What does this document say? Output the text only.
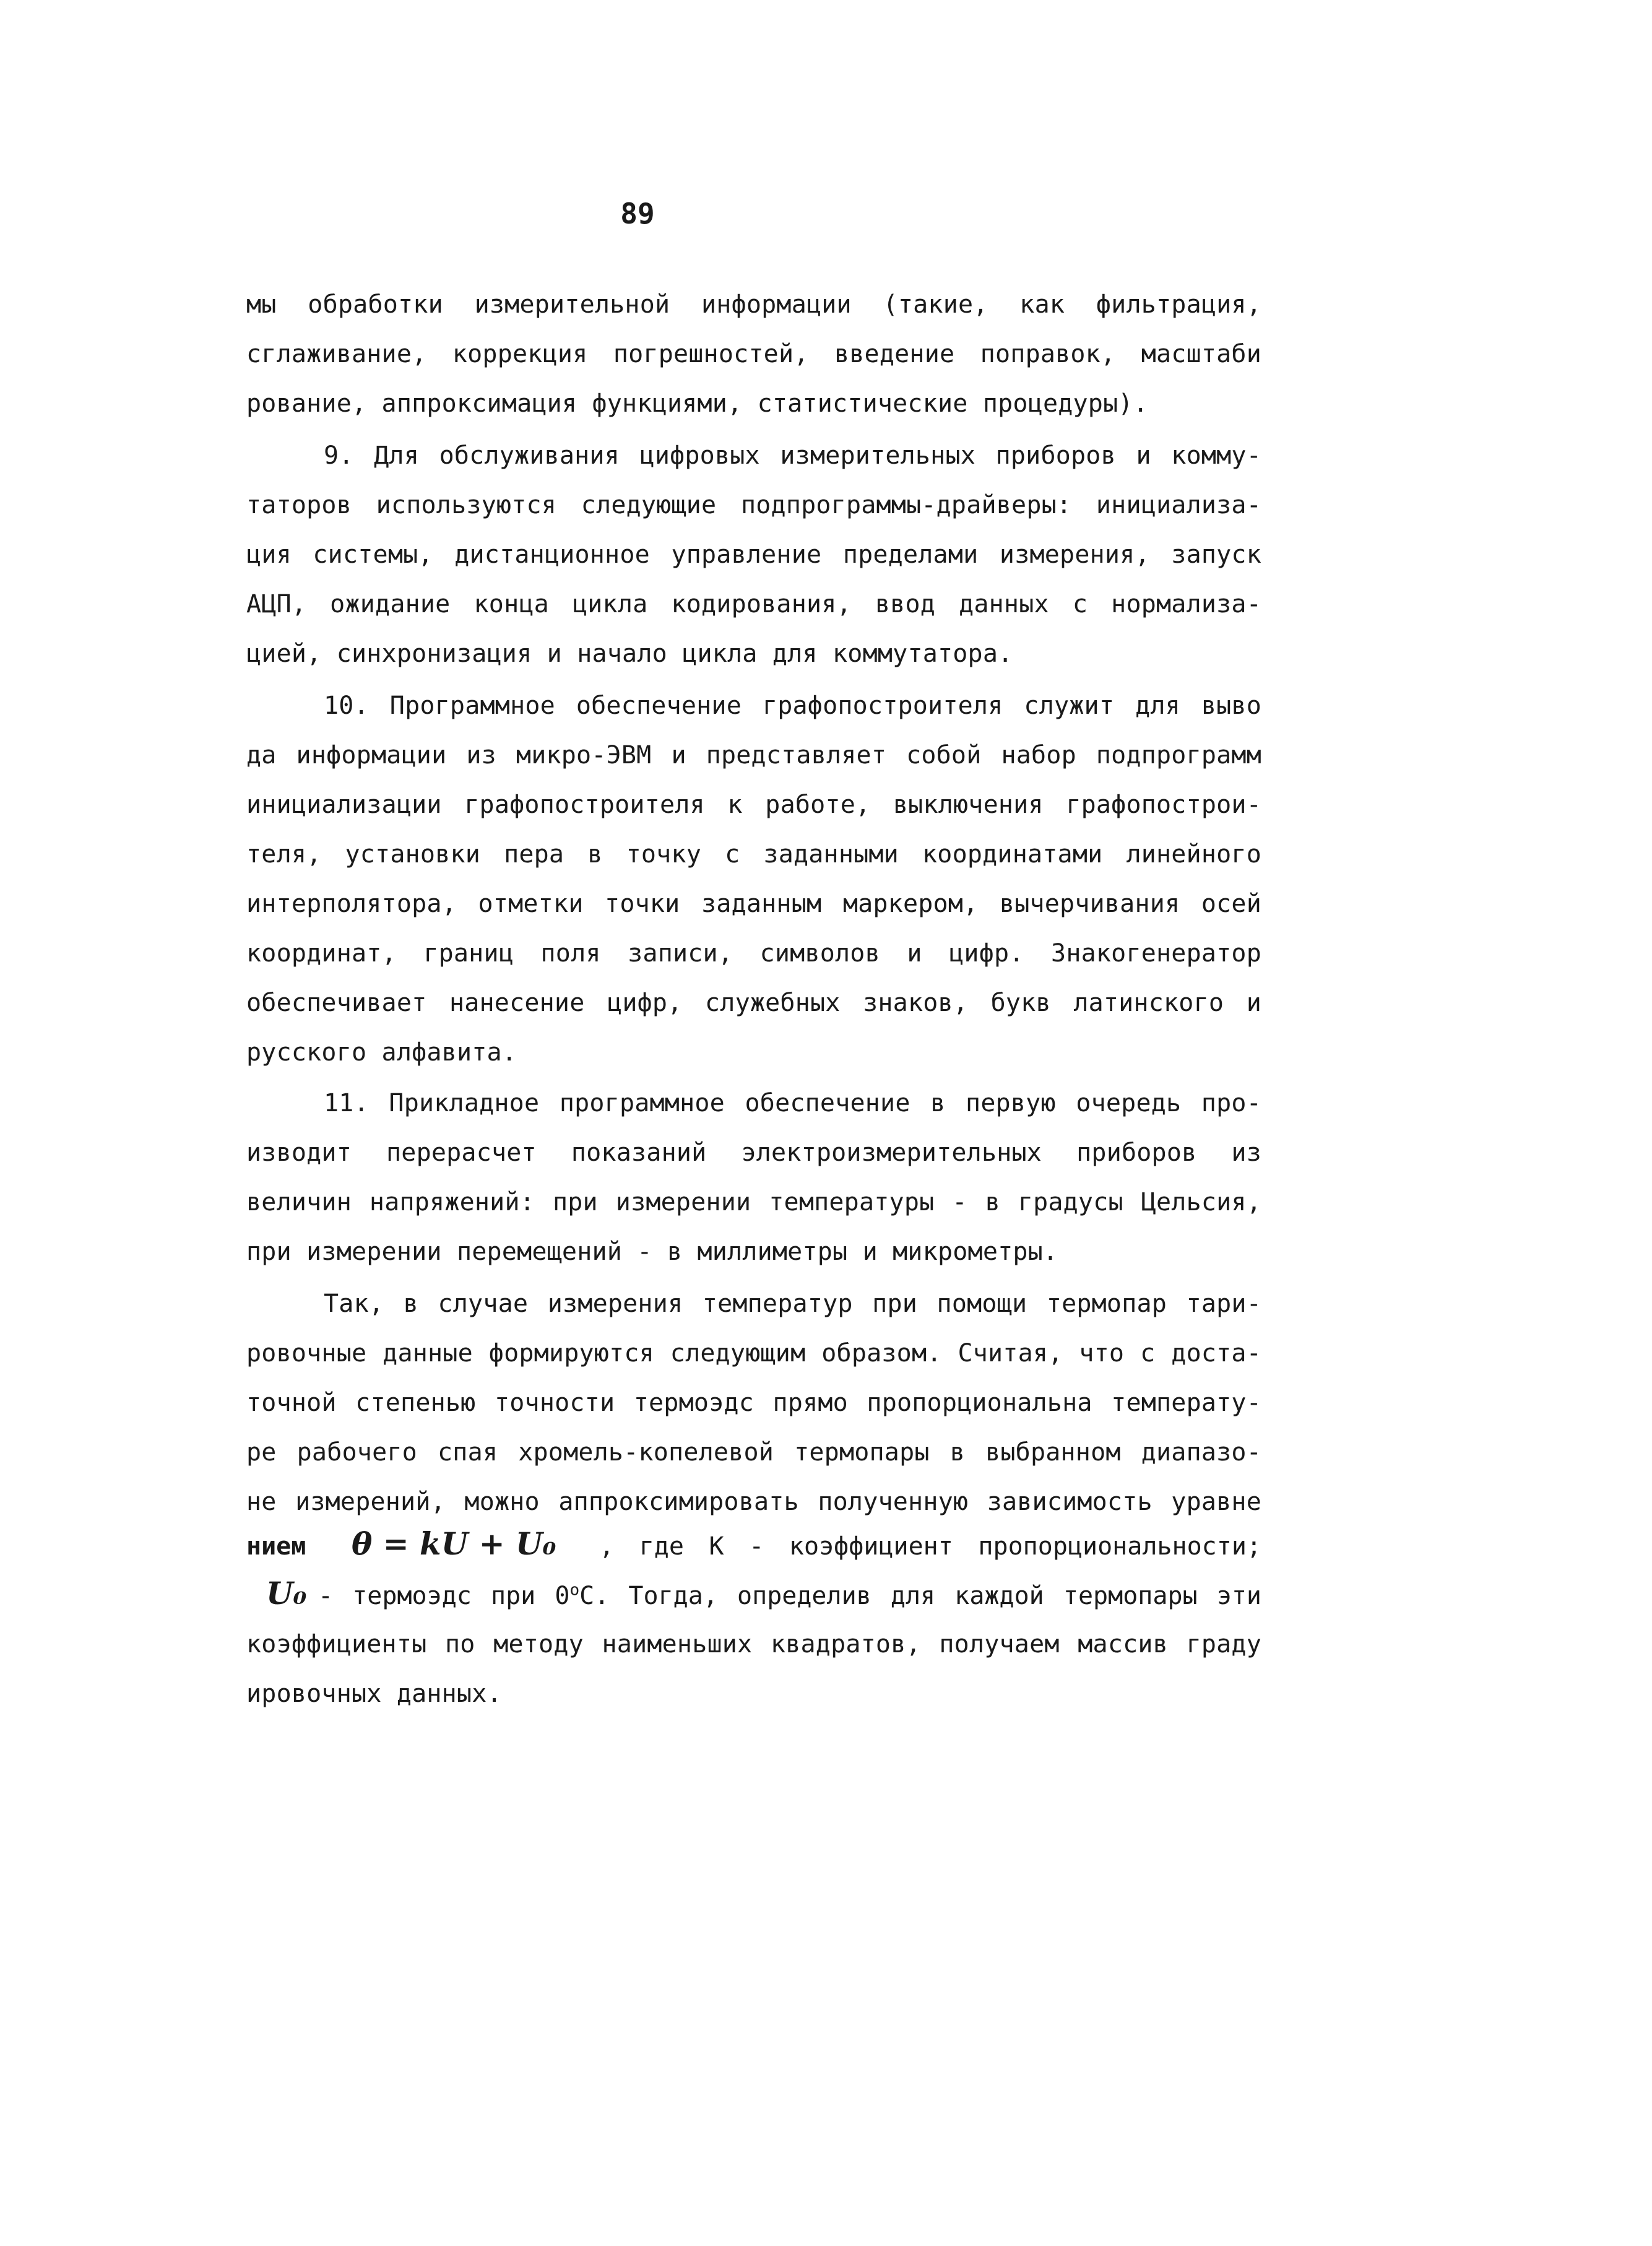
89
мы обработки измерительной информации (такие, как фильтрация,
сглаживание, коррекция погрешностей, введение поправок, масштаби
рование, аппроксимация функциями, статистические процедуры).
9. Для обслуживания цифровых измерительных приборов и комму-
таторов используются следующие подпрограммы-драйверы: инициализа-
ция системы, дистанционное управление пределами измерения, запуск
АЦП, ожидание конца цикла кодирования, ввод данных с нормализа-
цией, синхронизация и начало цикла для коммутатора.
10. Программное обеспечение графопостроителя служит для выво
да информации из микро-ЭВМ и представляет собой набор подпрограмм
инициализации графопостроителя к работе, выключения графопострои-
теля, установки пера в точку с заданными координатами линейного
интерполятора, отметки точки заданным маркером, вычерчивания осей
координат, границ поля записи, символов и цифр. Знакогенератор
обеспечивает нанесение цифр, служебных знаков, букв латинского и
русского алфавита.
11. Прикладное программное обеспечение в первую очередь про-
изводит перерасчет показаний электроизмерительных приборов из
величин напряжений: при измерении температуры - в градусы Цельсия,
при измерении перемещений - в миллиметры и микрометры.
Так, в случае измерения температур при помощи термопар тари-
ровочные данные формируются следующим образом. Считая, что с доста-
точной степенью точности термоэдс прямо пропорциональна температу-
ре рабочего спая хромель-копелевой термопары в выбранном диапазо-
не измерений, можно аппроксимировать полученную зависимость уравне
нием θ = kU + U₀ , где K - коэффициент пропорциональности;
U₀ - термоэдс при $0^оС$. Тогда, определив для каждой термопары эти
коэффициенты по методу наименьших квадратов, получаем массив граду
ировочных данных.
